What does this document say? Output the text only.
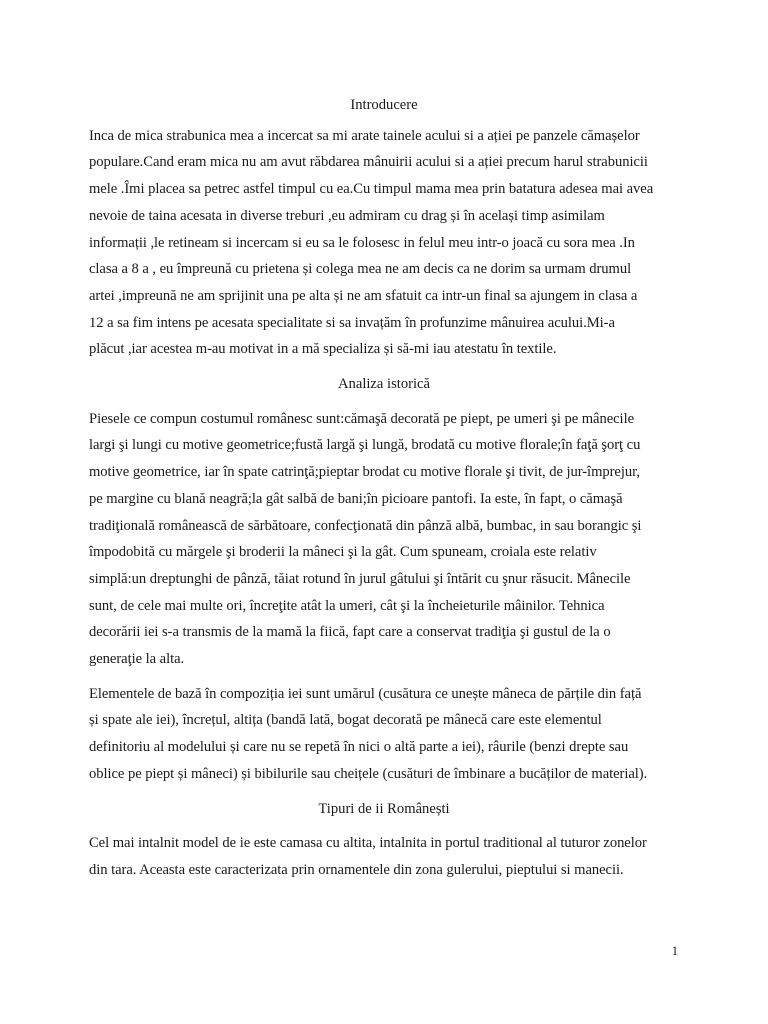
Introducere

Inca de mica strabunica mea a incercat sa mi arate tainele acului si a ației pe panzele cămașelor
populare.Cand eram mica nu am avut răbdarea mânuirii acului si a ației precum harul strabunicii
mele .Îmi placea sa petrec astfel timpul cu ea.Cu timpul mama mea prin batatura adesea mai avea
nevoie de taina acesata in diverse treburi ,eu admiram cu drag și în același timp asimilam
informații ,le retineam si incercam si eu sa le folosesc in felul meu intr-o joacă cu sora mea .In
clasa a 8 a , eu împreună cu prietena și colega mea ne am decis ca ne dorim sa urmam drumul
artei ,impreună ne am sprijinit una pe alta și ne am sfatuit ca intr-un final sa ajungem in clasa a
12 a sa fim intens pe acesata specialitate si sa invațăm în profunzime mânuirea acului.Mi-a
plăcut ,iar acestea m-au motivat in a mă specializa și să-mi iau atestatu în textile.

Analiza istorică

Piesele ce compun costumul românesc sunt:cămaşă decorată pe piept, pe umeri şi pe mânecile
largi şi lungi cu motive geometrice;fustă largă şi lungă, brodată cu motive florale;în faţă şorţ cu
motive geometrice, iar în spate catrinţă;pieptar brodat cu motive florale şi tivit, de jur-împrejur,
pe margine cu blană neagră;la gât salbă de bani;în picioare pantofi. Ia este, în fapt, o cămaşă
tradiţională românească de sărbătoare, confecţionată din pânză albă, bumbac, in sau borangic şi
împodobită cu mărgele şi broderii la mâneci şi la gât. Cum spuneam, croiala este relativ
simplă:un dreptunghi de pânză, tăiat rotund în jurul gâtului şi întărit cu şnur răsucit. Mânecile
sunt, de cele mai multe ori, încreţite atât la umeri, cât şi la încheieturile mâinilor. Tehnica
decorării iei s-a transmis de la mamă la fiică, fapt care a conservat tradiţia şi gustul de la o
generaţie la alta.

Elementele de bază în compoziția iei sunt umărul (cusătura ce unește mâneca de părțile din față
și spate ale iei), încrețul, altița (bandă lată, bogat decorată pe mânecă care este elementul
definitoriu al modelului și care nu se repetă în nici o altă parte a iei), râurile (benzi drepte sau
oblice pe piept și mâneci) și bibilurile sau cheițele (cusături de îmbinare a bucăților de material).

Tipuri de ii Românești

Cel mai intalnit model de ie este camasa cu altita, intalnita in portul traditional al tuturor zonelor
din tara. Aceasta este caracterizata prin ornamentele din zona gulerului, pieptului si manecii.

1
